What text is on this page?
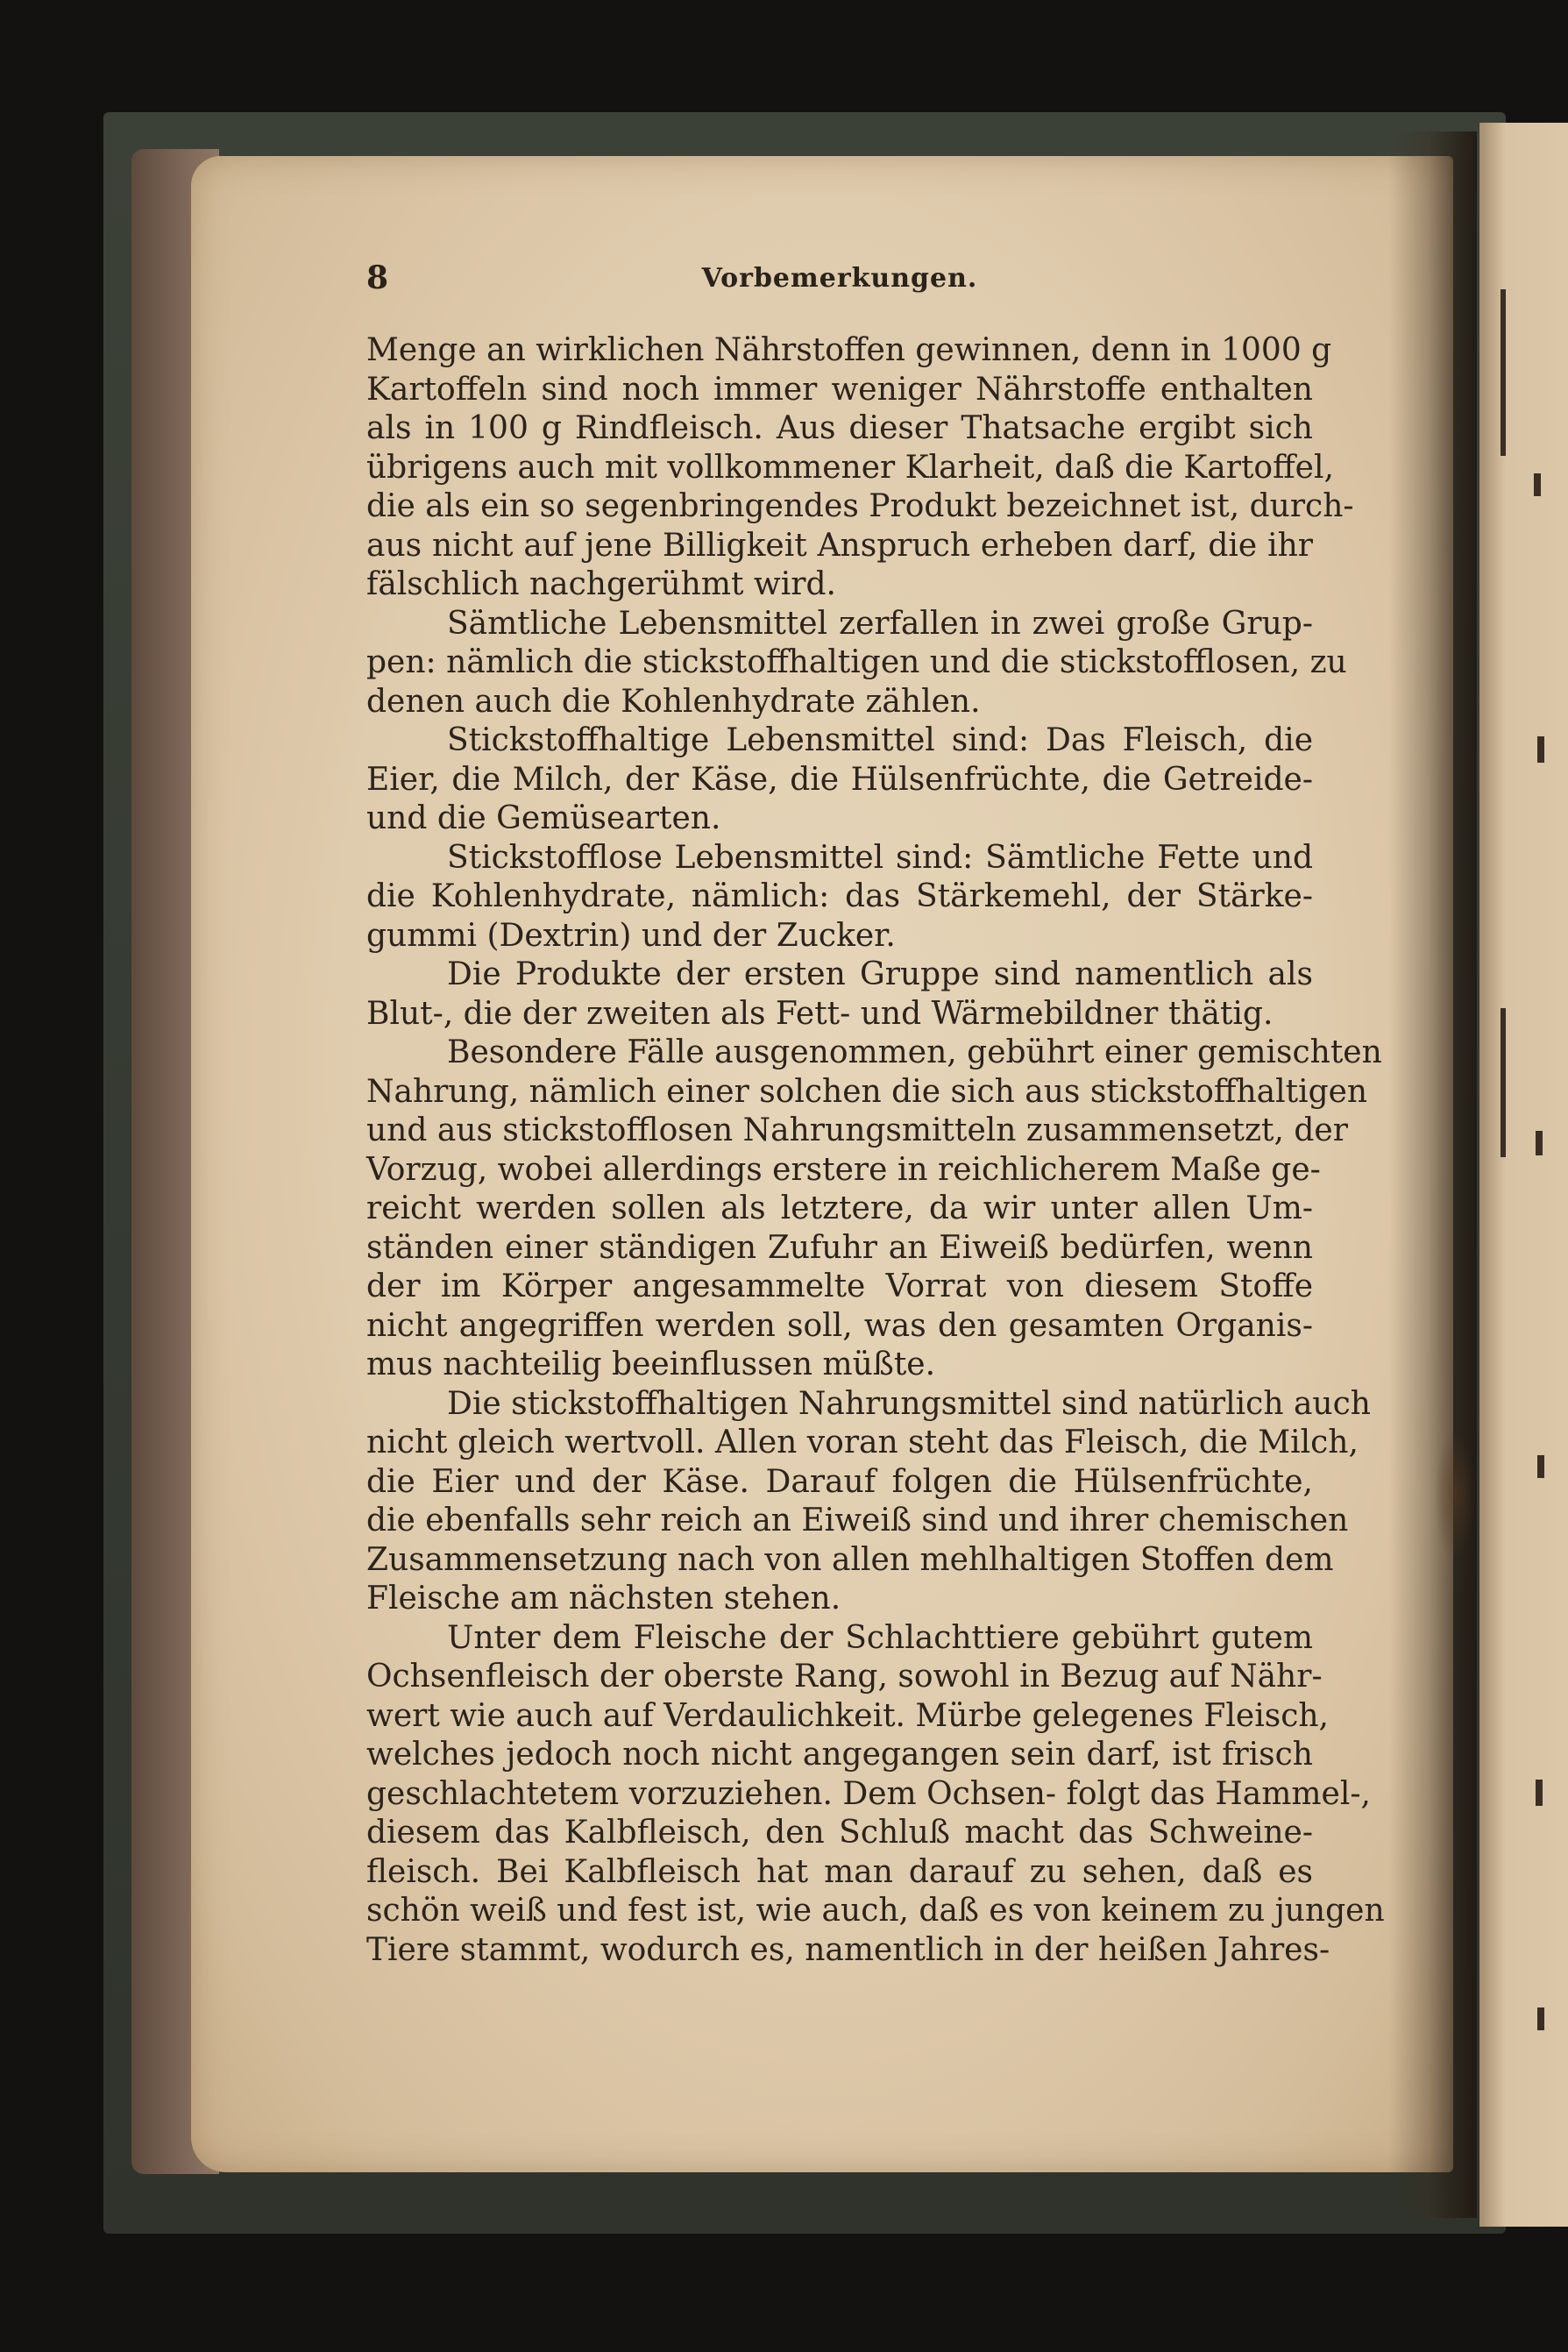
8	Vorbemerkungen.
Menge an wirklichen Nährstoffen gewinnen, denn in 1000 g
Kartoffeln sind noch immer weniger Nährstoffe enthalten
als in 100 g Rindfleisch. Aus dieser Thatsache ergibt sich
übrigens auch mit vollkommener Klarheit, daß die Kartoffel,
die als ein so segenbringendes Produkt bezeichnet ist, durch-
aus nicht auf jene Billigkeit Anspruch erheben darf, die ihr
fälschlich nachgerühmt wird.
Sämtliche Lebensmittel zerfallen in zwei große Grup-
pen: nämlich die stickstoffhaltigen und die stickstofflosen, zu
denen auch die Kohlenhydrate zählen.
Stickstoffhaltige Lebensmittel sind: Das Fleisch, die
Eier, die Milch, der Käse, die Hülsenfrüchte, die Getreide-
und die Gemüsearten.
Stickstofflose Lebensmittel sind: Sämtliche Fette und
die Kohlenhydrate, nämlich: das Stärkemehl, der Stärke-
gummi (Dextrin) und der Zucker.
Die Produkte der ersten Gruppe sind namentlich als
Blut-, die der zweiten als Fett- und Wärmebildner thätig.
Besondere Fälle ausgenommen, gebührt einer gemischten
Nahrung, nämlich einer solchen die sich aus stickstoffhaltigen
und aus stickstofflosen Nahrungsmitteln zusammensetzt, der
Vorzug, wobei allerdings erstere in reichlicherem Maße ge-
reicht werden sollen als letztere, da wir unter allen Um-
ständen einer ständigen Zufuhr an Eiweiß bedürfen, wenn
der im Körper angesammelte Vorrat von diesem Stoffe
nicht angegriffen werden soll, was den gesamten Organis-
mus nachteilig beeinflussen müßte.
Die stickstoffhaltigen Nahrungsmittel sind natürlich auch
nicht gleich wertvoll. Allen voran steht das Fleisch, die Milch,
die Eier und der Käse. Darauf folgen die Hülsenfrüchte,
die ebenfalls sehr reich an Eiweiß sind und ihrer chemischen
Zusammensetzung nach von allen mehlhaltigen Stoffen dem
Fleische am nächsten stehen.
Unter dem Fleische der Schlachttiere gebührt gutem
Ochsenfleisch der oberste Rang, sowohl in Bezug auf Nähr-
wert wie auch auf Verdaulichkeit. Mürbe gelegenes Fleisch,
welches jedoch noch nicht angegangen sein darf, ist frisch
geschlachtetem vorzuziehen. Dem Ochsen- folgt das Hammel-,
diesem das Kalbfleisch, den Schluß macht das Schweine-
fleisch. Bei Kalbfleisch hat man darauf zu sehen, daß es
schön weiß und fest ist, wie auch, daß es von keinem zu jungen
Tiere stammt, wodurch es, namentlich in der heißen Jahres-
